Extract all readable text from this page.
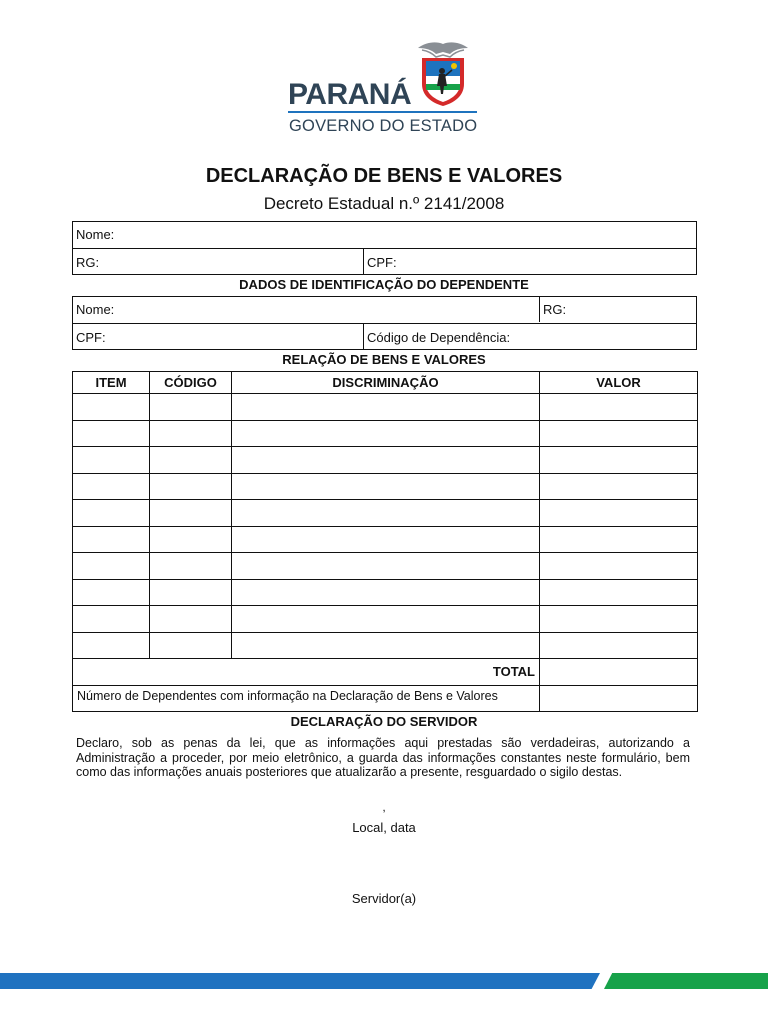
PARANÁ
GOVERNO DO ESTADO
DECLARAÇÃO DE BENS E VALORES
Decreto Estadual n.º 2141/2008
Nome:
RG:	CPF:
DADOS DE IDENTIFICAÇÃO DO DEPENDENTE
Nome:	RG:
CPF:	Código de Dependência:
RELAÇÃO DE BENS E VALORES
ITEM	CÓDIGO	DISCRIMINAÇÃO	VALOR

TOTAL			
Número de Dependentes com informação na Declaração de Bens e Valores			
DECLARAÇÃO DO SERVIDOR
Declaro, sob as penas da lei, que as informações aqui prestadas são verdadeiras, autorizando a Administração a proceder, por meio eletrônico, a guarda das informações constantes neste formulário, bem como das informações anuais posteriores que atualizarão a presente, resguardado o sigilo destas.
,
Local, data
Servidor(a)
